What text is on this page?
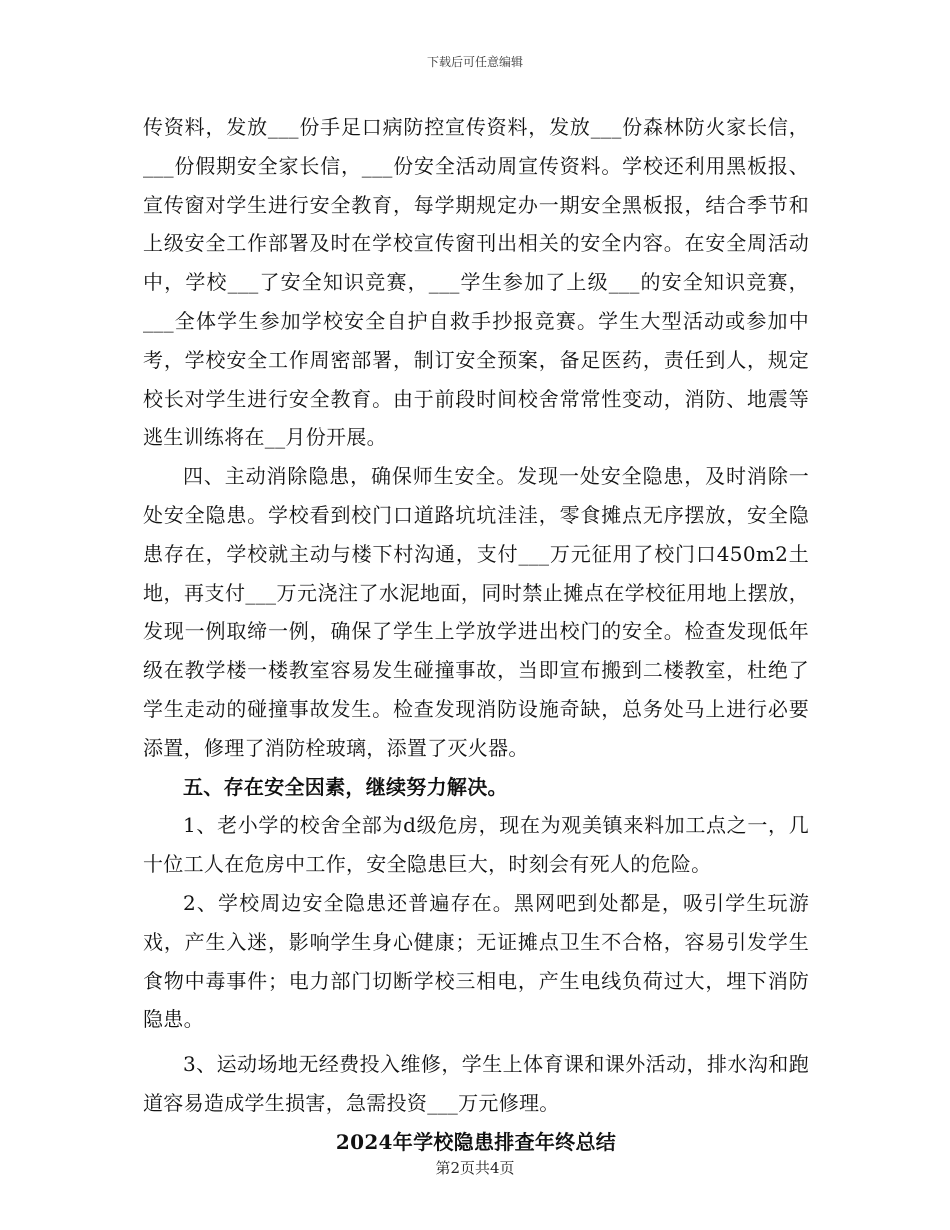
下载后可任意编辑

传资料，发放___份手足口病防控宣传资料，发放___份森林防火家长信，___份假期安全家长信，___份安全活动周宣传资料。学校还利用黑板报、宣传窗对学生进行安全教育，每学期规定办一期安全黑板报，结合季节和上级安全工作部署及时在学校宣传窗刊出相关的安全内容。在安全周活动中，学校___了安全知识竞赛，___学生参加了上级___的安全知识竞赛，___全体学生参加学校安全自护自救手抄报竞赛。学生大型活动或参加中考，学校安全工作周密部署，制订安全预案，备足医药，责任到人，规定校长对学生进行安全教育。由于前段时间校舍常常性变动，消防、地震等逃生训练将在__月份开展。

四、主动消除隐患，确保师生安全。发现一处安全隐患，及时消除一处安全隐患。学校看到校门口道路坑坑洼洼，零食摊点无序摆放，安全隐患存在，学校就主动与楼下村沟通，支付___万元征用了校门口450m2土地，再支付___万元浇注了水泥地面，同时禁止摊点在学校征用地上摆放，发现一例取缔一例，确保了学生上学放学进出校门的安全。检查发现低年级在教学楼一楼教室容易发生碰撞事故，当即宣布搬到二楼教室，杜绝了学生走动的碰撞事故发生。检查发现消防设施奇缺，总务处马上进行必要添置，修理了消防栓玻璃，添置了灭火器。

五、存在安全因素，继续努力解决。

1、老小学的校舍全部为d级危房，现在为观美镇来料加工点之一，几十位工人在危房中工作，安全隐患巨大，时刻会有死人的危险。

2、学校周边安全隐患还普遍存在。黑网吧到处都是，吸引学生玩游戏，产生入迷，影响学生身心健康；无证摊点卫生不合格，容易引发学生食物中毒事件；电力部门切断学校三相电，产生电线负荷过大，埋下消防隐患。

3、运动场地无经费投入维修，学生上体育课和课外活动，排水沟和跑道容易造成学生损害，急需投资___万元修理。

2024年学校隐患排查年终总结

第2页共4页
